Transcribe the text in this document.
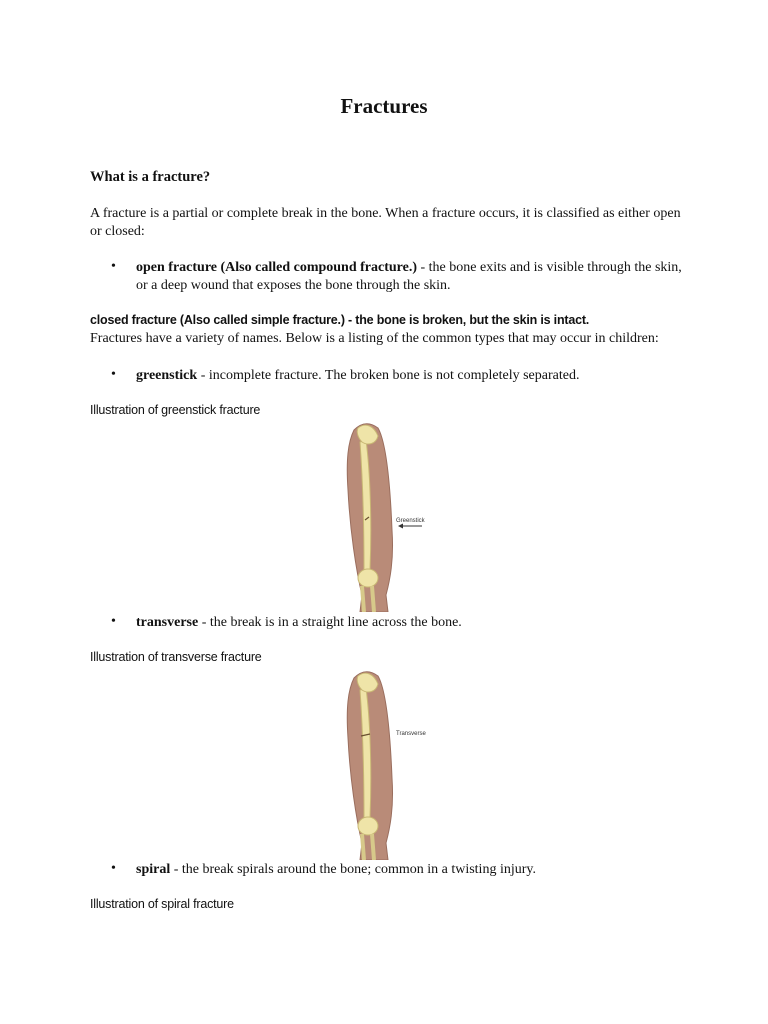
Fractures
What is a fracture?
A fracture is a partial or complete break in the bone. When a fracture occurs, it is classified as either open or closed:
• open fracture (Also called compound fracture.) - the bone exits and is visible through the skin, or a deep wound that exposes the bone through the skin.
closed fracture (Also called simple fracture.) - the bone is broken, but the skin is intact.
Fractures have a variety of names. Below is a listing of the common types that may occur in children:
• greenstick - incomplete fracture. The broken bone is not completely separated.
Illustration of greenstick fracture
Greenstick
• transverse - the break is in a straight line across the bone.
Illustration of transverse fracture
Transverse
• spiral - the break spirals around the bone; common in a twisting injury.
Illustration of spiral fracture
